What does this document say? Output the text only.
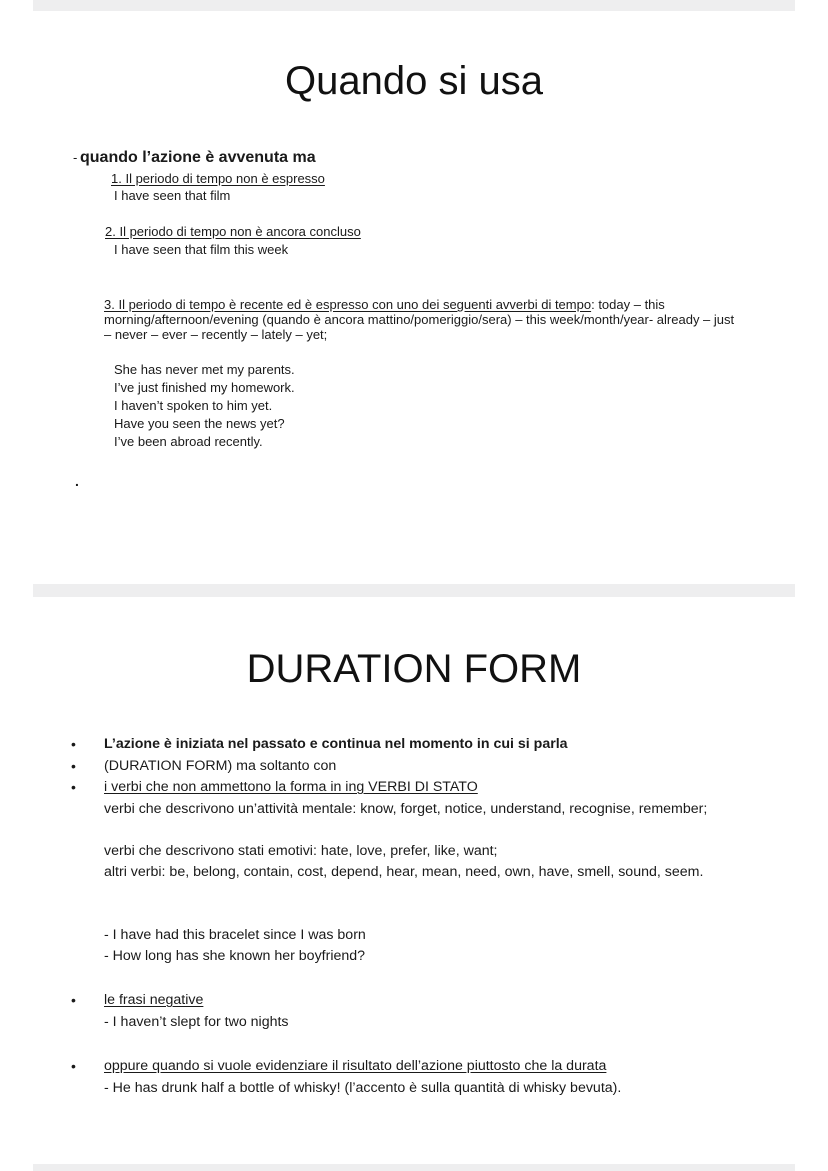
Quando si usa
- quando l’azione è avvenuta ma
1. Il periodo di tempo non è espresso
I have seen that film
2. Il periodo di tempo non è ancora concluso
I have seen that film this week
3. Il periodo di tempo è recente ed è espresso con uno dei seguenti avverbi di tempo: today – this morning/afternoon/evening (quando è ancora mattino/pomeriggio/sera) – this week/month/year- already – just – never – ever – recently – lately – yet;
She has never met my parents.
I’ve just finished my homework.
I haven’t spoken to him yet.
Have you seen the news yet?
I’ve been abroad recently.
.
DURATION FORM
• L’azione è iniziata nel passato e continua nel momento in cui si parla
• (DURATION FORM) ma soltanto con
• i verbi che non ammettono la forma in ing VERBI DI STATO
verbi che descrivono un’attività mentale: know, forget, notice, understand, recognise, remember;
verbi che descrivono stati emotivi: hate, love, prefer, like, want;
altri verbi: be, belong, contain, cost, depend, hear, mean, need, own, have, smell, sound, seem.
- I have had this bracelet since I was born
- How long has she known her boyfriend?
• le frasi negative
- I haven’t slept for two nights
• oppure quando si vuole evidenziare il risultato dell’azione piuttosto che la durata
- He has drunk half a bottle of whisky! (l’accento è sulla quantità di whisky bevuta).
